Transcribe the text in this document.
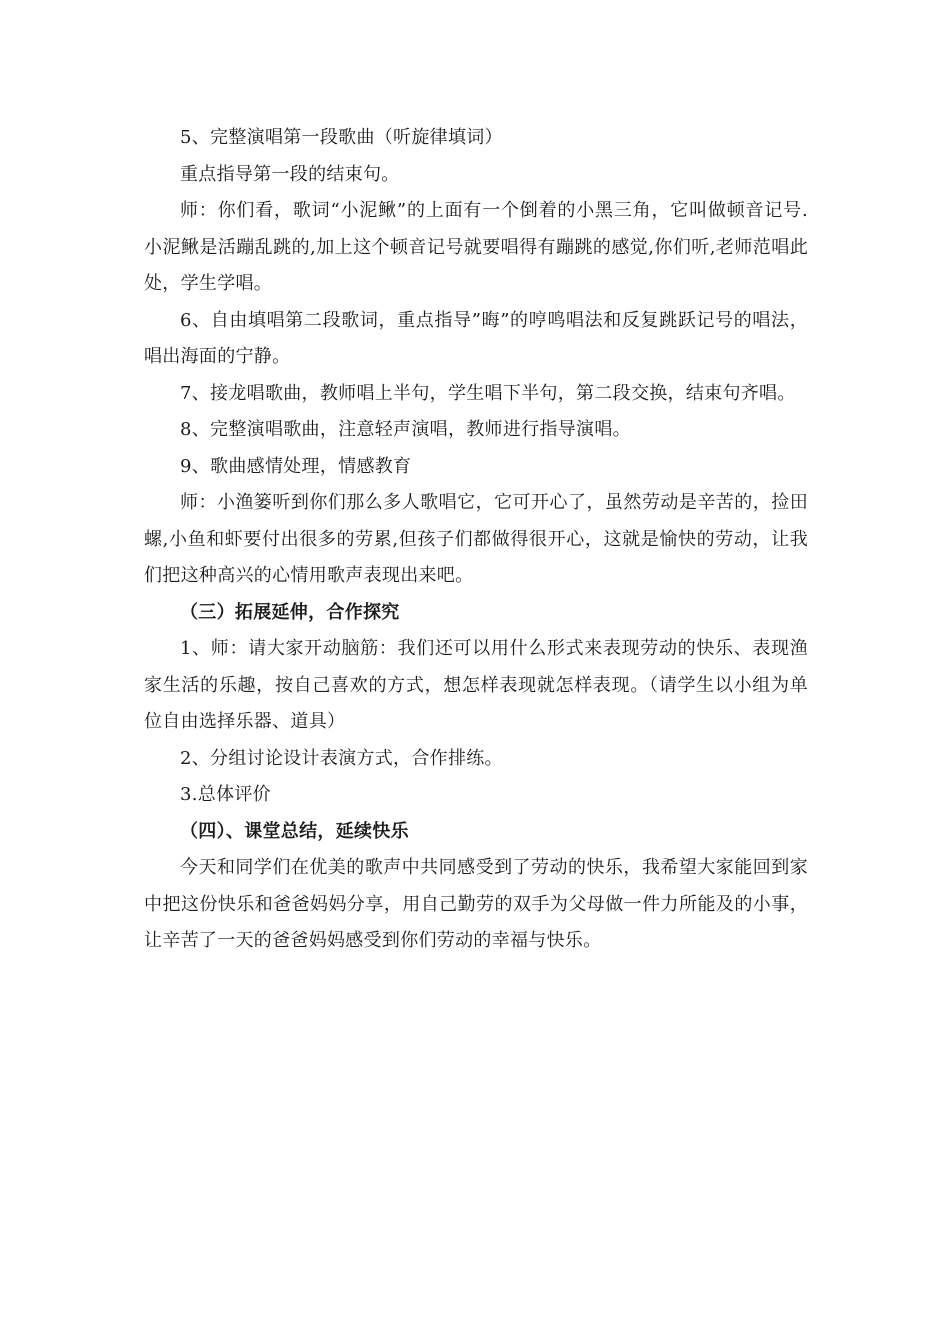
5、完整演唱第一段歌曲（听旋律填词）

重点指导第一段的结束句。

师：你们看，歌词“小泥鳅”的上面有一个倒着的小黑三角，它叫做顿音记号.小泥鳅是活蹦乱跳的,加上这个顿音记号就要唱得有蹦跳的感觉,你们听,老师范唱此处，学生学唱。

6、自由填唱第二段歌词，重点指导”晦”的哼鸣唱法和反复跳跃记号的唱法，唱出海面的宁静。

7、接龙唱歌曲，教师唱上半句，学生唱下半句，第二段交换，结束句齐唱。

8、完整演唱歌曲，注意轻声演唱，教师进行指导演唱。

9、歌曲感情处理，情感教育

师：小渔篓听到你们那么多人歌唱它，它可开心了，虽然劳动是辛苦的，捡田螺,小鱼和虾要付出很多的劳累,但孩子们都做得很开心，这就是愉快的劳动，让我们把这种高兴的心情用歌声表现出来吧。

（三）拓展延伸，合作探究

1、师：请大家开动脑筋：我们还可以用什么形式来表现劳动的快乐、表现渔家生活的乐趣，按自己喜欢的方式，想怎样表现就怎样表现。（请学生以小组为单位自由选择乐器、道具）

2、分组讨论设计表演方式，合作排练。

3.总体评价

（四）、课堂总结，延续快乐

今天和同学们在优美的歌声中共同感受到了劳动的快乐，我希望大家能回到家中把这份快乐和爸爸妈妈分享，用自己勤劳的双手为父母做一件力所能及的小事，让辛苦了一天的爸爸妈妈感受到你们劳动的幸福与快乐。
